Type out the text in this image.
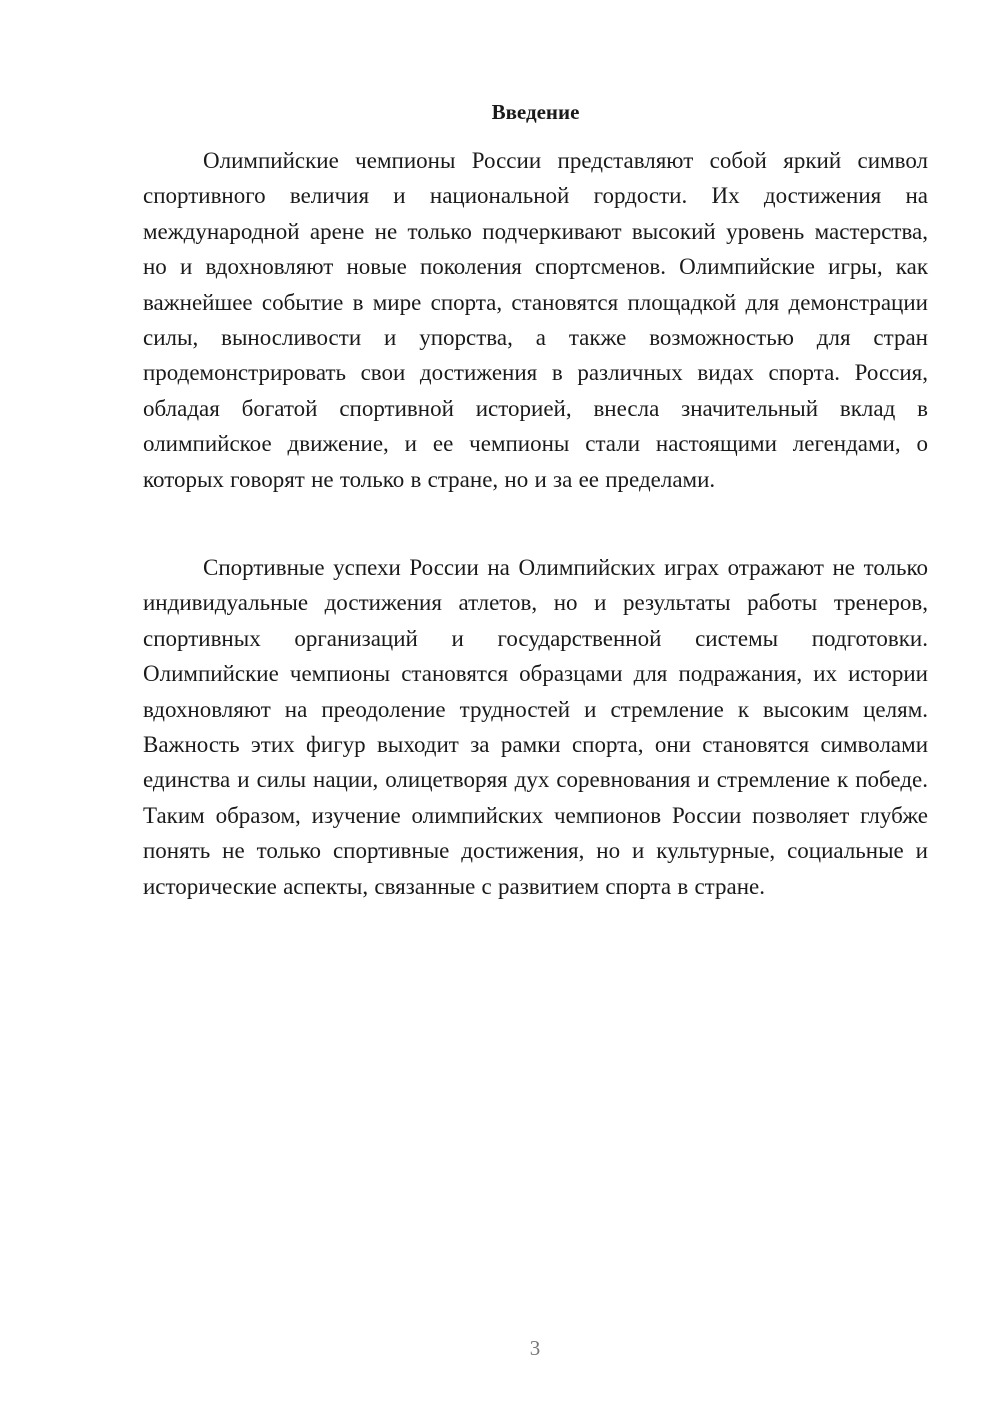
Введение

Олимпийские чемпионы России представляют собой яркий символ спортивного величия и национальной гордости. Их достижения на международной арене не только подчеркивают высокий уровень мастерства, но и вдохновляют новые поколения спортсменов. Олимпийские игры, как важнейшее событие в мире спорта, становятся площадкой для демонстрации силы, выносливости и упорства, а также возможностью для стран продемонстрировать свои достижения в различных видах спорта. Россия, обладая богатой спортивной историей, внесла значительный вклад в олимпийское движение, и ее чемпионы стали настоящими легендами, о которых говорят не только в стране, но и за ее пределами.

Спортивные успехи России на Олимпийских играх отражают не только индивидуальные достижения атлетов, но и результаты работы тренеров, спортивных организаций и государственной системы подготовки. Олимпийские чемпионы становятся образцами для подражания, их истории вдохновляют на преодоление трудностей и стремление к высоким целям. Важность этих фигур выходит за рамки спорта, они становятся символами единства и силы нации, олицетворяя дух соревнования и стремление к победе. Таким образом, изучение олимпийских чемпионов России позволяет глубже понять не только спортивные достижения, но и культурные, социальные и исторические аспекты, связанные с развитием спорта в стране.

3
